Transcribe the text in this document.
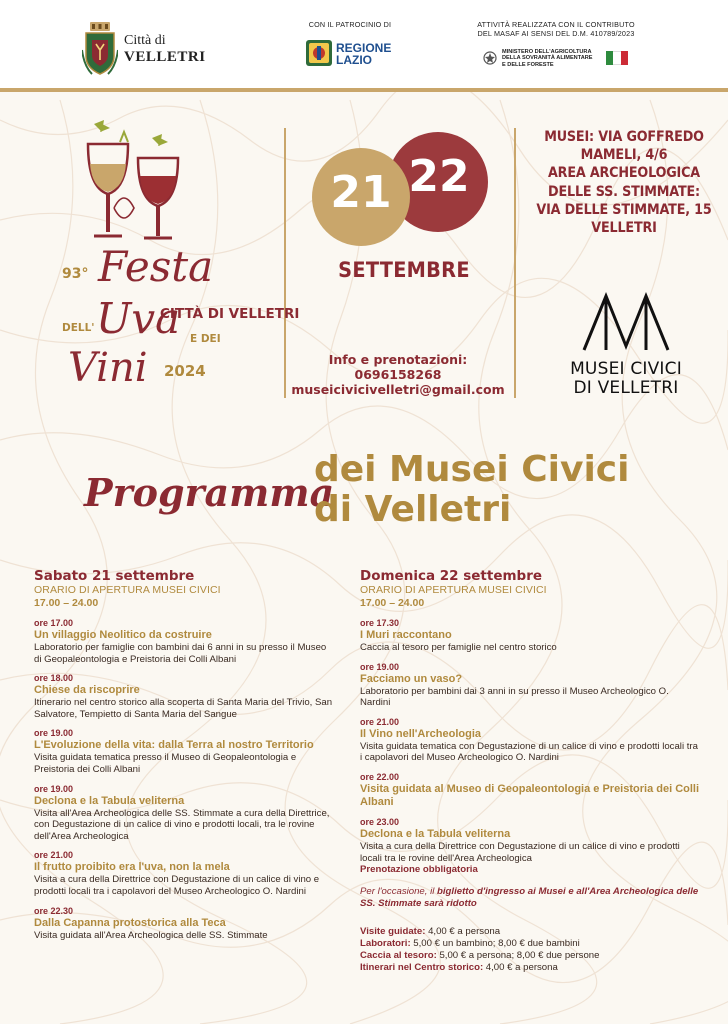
Città di
VELLETRI
CON IL PATROCINIO DI
REGIONE
LAZIO
ATTIVITÀ REALIZZATA CON IL CONTRIBUTO
DEL MASAF AI SENSI DEL D.M. 410789/2023
MINISTERO DELL'AGRICOLTURA
DELLA SOVRANITÀ ALIMENTARE
E DELLE FORESTE
93° Festa
CITTÀ DI VELLETRI
DELL' Uva E DEI
Vini 2024
21 22
SETTEMBRE
Info e prenotazioni:
0696158268
museicivicivelletri@gmail.com
MUSEI: VIA GOFFREDO
MAMELI, 4/6
AREA ARCHEOLOGICA
DELLE SS. STIMMATE:
VIA DELLE STIMMATE, 15
VELLETRI
MUSEI CIVICI
DI VELLETRI
Programma
dei Musei Civici
di Velletri
Sabato 21 settembre
ORARIO DI APERTURA MUSEI CIVICI
17.00 – 24.00
ore 17.00
Un villaggio Neolitico da costruire
Laboratorio per famiglie con bambini dai 6 anni in su presso il Museo di Geopaleontologia e Preistoria dei Colli Albani
ore 18.00
Chiese da riscoprire
Itinerario nel centro storico alla scoperta di Santa Maria del Trivio, San Salvatore, Tempietto di Santa Maria del Sangue
ore 19.00
L'Evoluzione della vita: dalla Terra al nostro Territorio
Visita guidata tematica presso il Museo di Geopaleontologia e Preistoria dei Colli Albani
ore 19.00
Declona e la Tabula veliterna
Visita all'Area Archeologica delle SS. Stimmate a cura della Direttrice, con Degustazione di un calice di vino e prodotti locali, tra le rovine dell'Area Archeologica
ore 21.00
Il frutto proibito era l'uva, non la mela
Visita a cura della Direttrice con Degustazione di un calice di vino e prodotti locali tra i capolavori del Museo Archeologico O. Nardini
ore 22.30
Dalla Capanna protostorica alla Teca
Visita guidata all'Area Archeologica delle SS. Stimmate
Domenica 22 settembre
ORARIO DI APERTURA MUSEI CIVICI
17.00 – 24.00
ore 17.30
I Muri raccontano
Caccia al tesoro per famiglie nel centro storico
ore 19.00
Facciamo un vaso?
Laboratorio per bambini dai 3 anni in su presso il Museo Archeologico O. Nardini
ore 21.00
Il Vino nell'Archeologia
Visita guidata tematica con Degustazione di un calice di vino e prodotti locali tra i capolavori del Museo Archeologico O. Nardini
ore 22.00
Visita guidata al Museo di Geopaleontologia e Preistoria dei Colli Albani
ore 23.00
Declona e la Tabula veliterna
Visita a cura della Direttrice con Degustazione di un calice di vino e prodotti locali tra le rovine dell'Area Archeologica
Prenotazione obbligatoria
Per l'occasione, il biglietto d'ingresso ai Musei e all'Area Archeologica delle SS. Stimmate sarà ridotto
Visite guidate: 4,00 € a persona
Laboratori: 5,00 € un bambino; 8,00 € due bambini
Caccia al tesoro: 5,00 € a persona; 8,00 € due persone
Itinerari nel Centro storico: 4,00 € a persona
